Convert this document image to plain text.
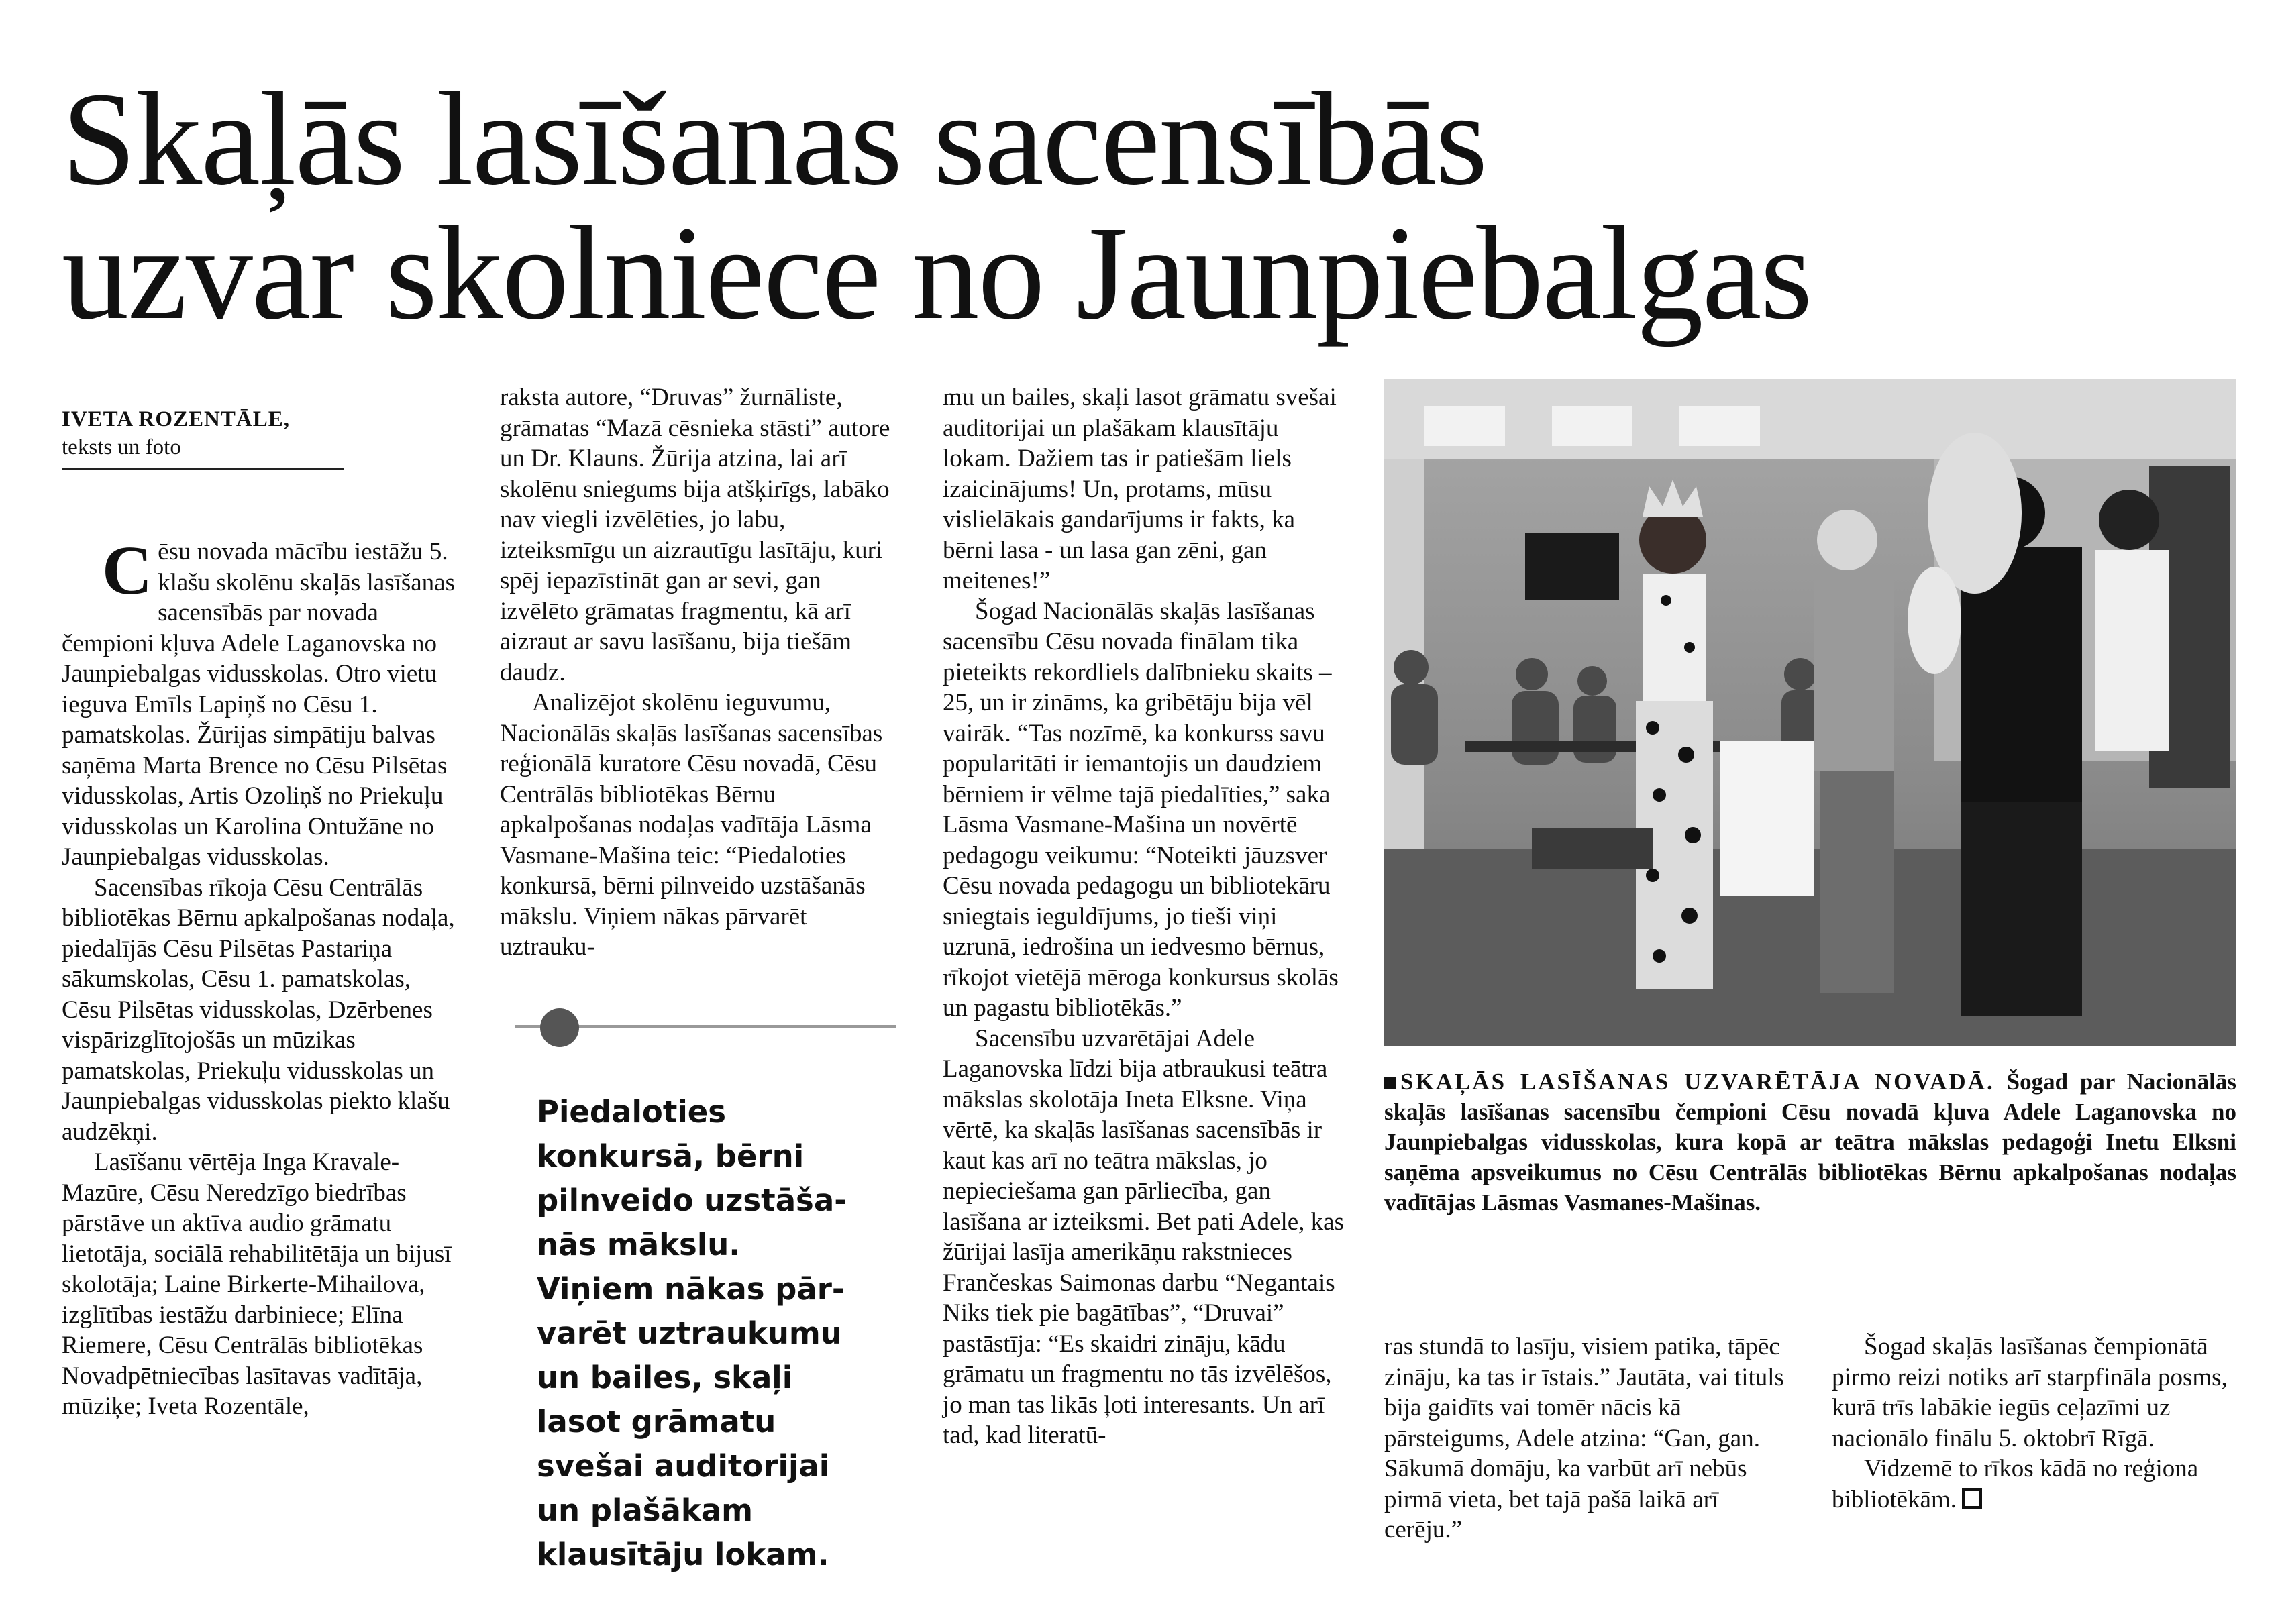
Skaļās lasīšanas sacensībās
uzvar skolniece no Jaunpiebalgas
IVETA ROZENTĀLE,
teksts un foto
C ēsu novada mācību iestāžu 5. klašu skolēnu skaļās lasīšanas sacensībās par novada čempioni kļuva Adele Laganovska no Jaunpiebalgas vidusskolas. Otro vietu ieguva Emīls Lapiņš no Cēsu 1. pamatskolas. Žūrijas simpātiju balvas saņēma Marta Brence no Cēsu Pilsētas vidusskolas, Artis Ozoliņš no Priekuļu vidusskolas un Karolina Ontužāne no Jaunpiebalgas vidusskolas.

Sacensības rīkoja Cēsu Centrālās bibliotēkas Bērnu apkalpošanas nodaļa, piedalījās Cēsu Pilsētas Pastariņa sākumskolas, Cēsu 1. pamatskolas, Cēsu Pilsētas vidusskolas, Dzērbenes vispārizglītojošās un mūzikas pamatskolas, Priekuļu vidusskolas un Jaunpiebalgas vidusskolas piekto klašu audzēkņi.

Lasīšanu vērtēja Inga Kravale-Mazūre, Cēsu Neredzīgo biedrības pārstāve un aktīva audio grāmatu lietotāja, sociālā rehabilitētāja un bijusī skolotāja; Laine Birkerte-Mihailova, izglītības iestāžu darbiniece; Elīna Riemere, Cēsu Centrālās bibliotēkas Novadpētniecības lasītavas vadītāja, mūziķe; Iveta Rozentāle,

raksta autore, “Druvas” žurnāliste, grāmatas “Mazā cēsnieka stāsti” autore un Dr. Klauns. Žūrija atzina, lai arī skolēnu sniegums bija atšķirīgs, labāko nav viegli izvēlēties, jo labu, izteiksmīgu un aizrautīgu lasītāju, kuri spēj iepazīstināt gan ar sevi, gan izvēlēto grāmatas fragmentu, kā arī aizraut ar savu lasīšanu, bija tiešām daudz.

Analizējot skolēnu ieguvumu, Nacionālās skaļās lasīšanas sacensības reģionālā kuratore Cēsu novadā, Cēsu Centrālās bibliotēkas Bērnu apkalpošanas nodaļas vadītāja Lāsma Vasmane-Mašina teic: “Piedaloties konkursā, bērni pilnveido uzstāšanās mākslu. Viņiem nākas pārvarēt uztrauku-

Piedaloties
konkursā, bērni
pilnveido uzstāša-
nās mākslu.
Viņiem nākas pār-
varēt uztraukumu
un bailes, skaļi
lasot grāmatu
svešai auditorijai
un plašākam
klausītāju lokam.

mu un bailes, skaļi lasot grāmatu svešai auditorijai un plašākam klausītāju lokam. Dažiem tas ir patiešām liels izaicinājums! Un, protams, mūsu vislielākais gandarījums ir fakts, ka bērni lasa - un lasa gan zēni, gan meitenes!”

Šogad Nacionālās skaļās lasīšanas sacensību Cēsu novada finālam tika pieteikts rekordliels dalībnieku skaits – 25, un ir zināms, ka gribētāju bija vēl vairāk. “Tas nozīmē, ka konkurss savu popularitāti ir iemantojis un daudziem bērniem ir vēlme tajā piedalīties,” saka Lāsma Vasmane-Mašina un novērtē pedagogu veikumu: “Noteikti jāuzsver Cēsu novada pedagogu un bibliotekāru sniegtais ieguldījums, jo tieši viņi uzrunā, iedrošina un iedvesmo bērnus, rīkojot vietējā mēroga konkursus skolās un pagastu bibliotēkās.”

Sacensību uzvarētājai Adele Laganovska līdzi bija atbraukusi teātra mākslas skolotāja Ineta Elksne. Viņa vērtē, ka skaļās lasīšanas sacensībās ir kaut kas arī no teātra mākslas, jo nepieciešama gan pārliecība, gan lasīšana ar izteiksmi. Bet pati Adele, kas žūrijai lasīja amerikāņu rakstnieces Frančeskas Saimonas darbu “Negantais Niks tiek pie bagātības”, “Druvai” pastāstīja: “Es skaidri zināju, kādu grāmatu un fragmentu no tās izvēlēšos, jo man tas likās ļoti interesants. Un arī tad, kad literatū-

SKAĻĀS LASĪŠANAS UZVARĒTĀJA NOVADĀ. Šogad par Nacionālās skaļās lasīšanas sacensību čempioni Cēsu novadā kļuva Adele Laganovska no Jaunpiebalgas vidusskolas, kura kopā ar teātra mākslas pedagoģi Inetu Elksni saņēma apsveikumus no Cēsu Centrālās bibliotēkas Bērnu apkalpošanas nodaļas vadītājas Lāsmas Vasmanes-Mašinas.

ras stundā to lasīju, visiem patika, tāpēc zināju, ka tas ir īstais.” Jautāta, vai tituls bija gaidīts vai tomēr nācis kā pārsteigums, Adele atzina: “Gan, gan. Sākumā domāju, ka varbūt arī nebūs pirmā vieta, bet tajā pašā laikā arī cerēju.”

Šogad skaļās lasīšanas čempionātā pirmo reizi notiks arī starpfināla posms, kurā trīs labākie iegūs ceļazīmi uz nacionālo finālu 5. oktobrī Rīgā.

Vidzemē to rīkos kādā no reģiona bibliotēkām.
